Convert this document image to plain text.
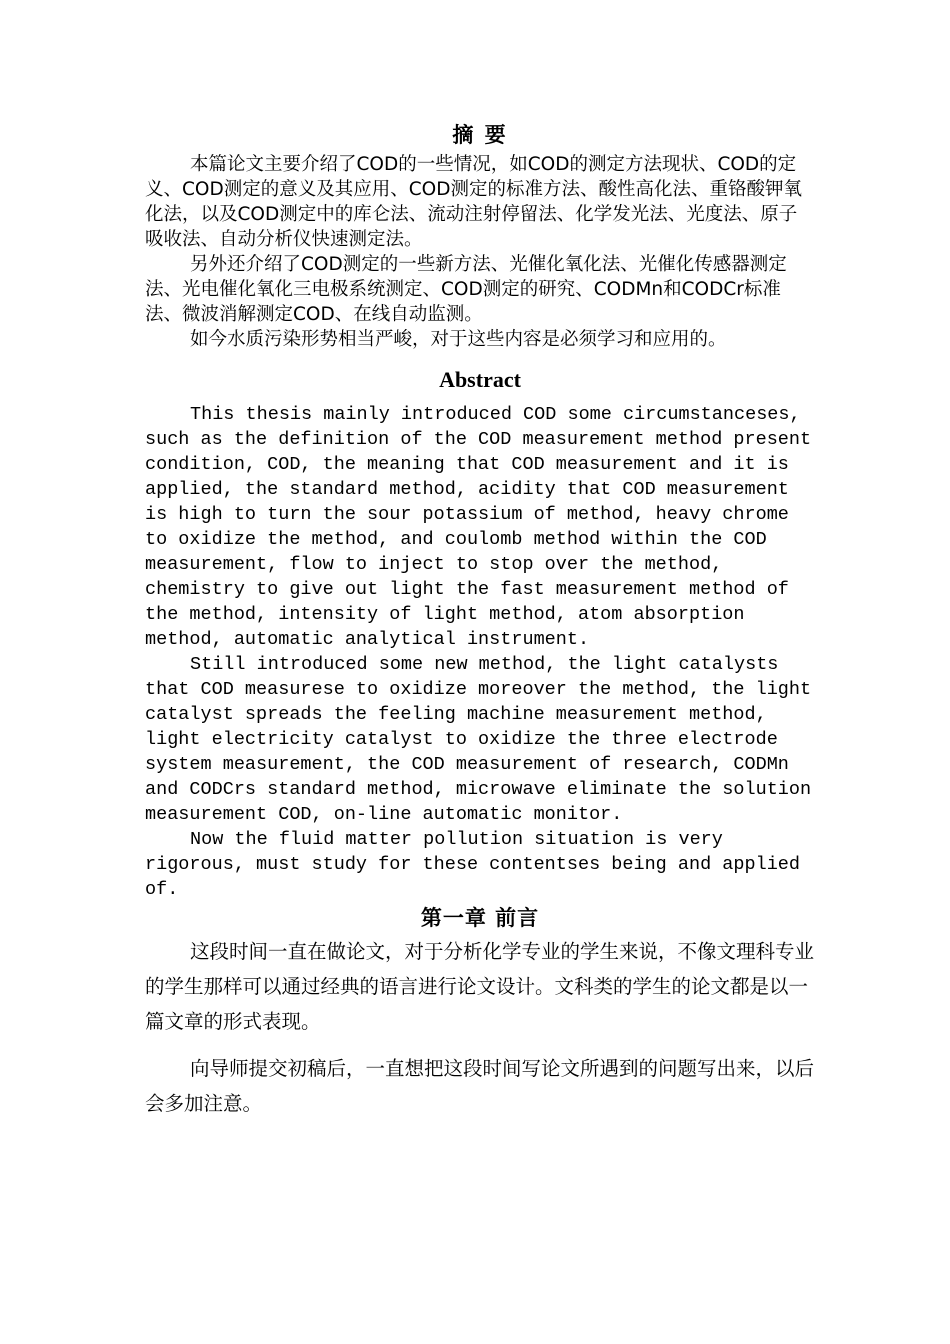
摘 要

本篇论文主要介绍了COD的一些情况，如COD的测定方法现状、COD的定义、COD测定的意义及其应用、COD测定的标准方法、酸性高化法、重铬酸钾氧化法，以及COD测定中的库仑法、流动注射停留法、化学发光法、光度法、原子吸收法、自动分析仪快速测定法。

另外还介绍了COD测定的一些新方法、光催化氧化法、光催化传感器测定法、光电催化氧化三电极系统测定、COD测定的研究、CODMn和CODCr标准法、微波消解测定COD、在线自动监测。

如今水质污染形势相当严峻，对于这些内容是必须学习和应用的。

Abstract

This thesis mainly introduced COD some circumstanceses, such as the definition of the COD measurement method present condition, COD, the meaning that COD measurement and it is applied, the standard method, acidity that COD measurement is high to turn the sour potassium of method, heavy chrome to oxidize the method, and coulomb method within the COD measurement, flow to inject to stop over the method, chemistry to give out light the fast measurement method of the method, intensity of light method, atom absorption method, automatic analytical instrument.

Still introduced some new method, the light catalysts that COD measurese to oxidize moreover the method, the light catalyst spreads the feeling machine measurement method, light electricity catalyst to oxidize the three electrode system measurement, the COD measurement of research, CODMn and CODCrs standard method, microwave eliminate the solution measurement COD, on-line automatic monitor.

Now the fluid matter pollution situation is very rigorous, must study for these contentses being and applied of.

第一章 前言

这段时间一直在做论文，对于分析化学专业的学生来说，不像文理科专业的学生那样可以通过经典的语言进行论文设计。文科类的学生的论文都是以一篇文章的形式表现。

向导师提交初稿后，一直想把这段时间写论文所遇到的问题写出来，以后会多加注意。
